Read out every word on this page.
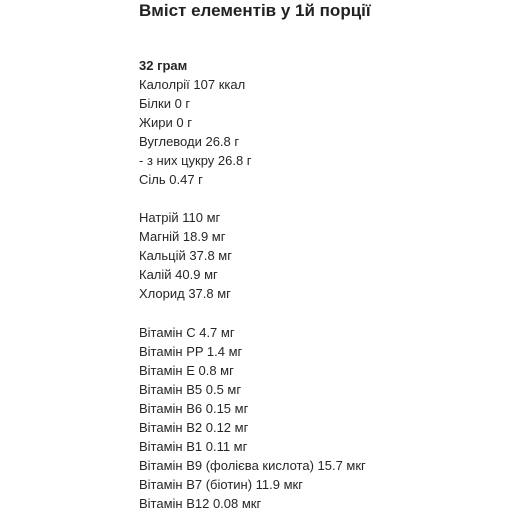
Вміст елементів у 1й порції
32 грам
Калолрії 107 ккал
Білки 0 г
Жири 0 г
Вуглеводи 26.8 г
- з них цукру 26.8 г
Сіль 0.47 г
Натрій 110 мг
Магній 18.9 мг
Кальцій 37.8 мг
Калій 40.9 мг
Хлорид 37.8 мг
Вітамін C 4.7 мг
Вітамін PP 1.4 мг
Вітамін E 0.8 мг
Вітамін B5 0.5 мг
Вітамін B6 0.15 мг
Вітамін B2 0.12 мг
Вітамін B1 0.11 мг
Вітамін B9 (фолієва кислота) 15.7 мкг
Вітамін B7 (біотин) 11.9 мкг
Вітамін B12 0.08 мкг
